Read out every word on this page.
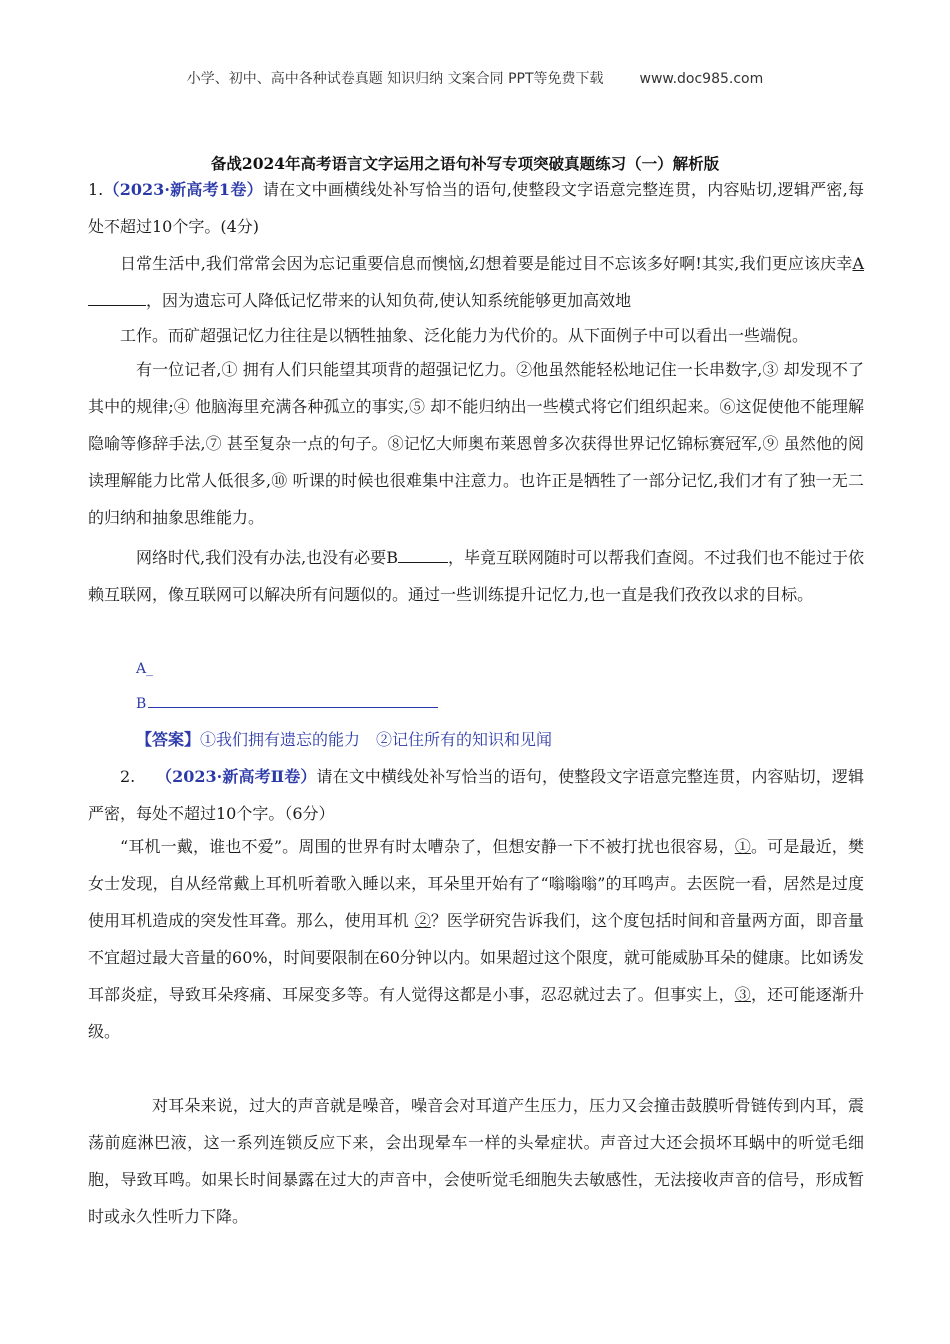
小学、初中、高中各种试卷真题 知识归纳 文案合同 PPT等免费下载	www.doc985.com
备战2024年高考语言文字运用之语句补写专项突破真题练习（一）解析版
1.（2023·新高考1卷）请在文中画横线处补写恰当的语句,使整段文字语意完整连贯，内容贴切,逻辑严密,每处不超过10个字。(4分)
日常生活中,我们常常会因为忘记重要信息而懊恼,幻想着要是能过目不忘该多好啊!其实,我们更应该庆幸A，因为遗忘可人降低记忆带来的认知负荷,使认知系统能够更加高效地
工作。而矿超强记忆力往往是以牺牲抽象、泛化能力为代价的。从下面例子中可以看出一些端倪。
有一位记者,① 拥有人们只能望其项背的超强记忆力。②他虽然能轻松地记住一长串数字,③ 却发现不了其中的规律;④ 他脑海里充满各种孤立的事实,⑤ 却不能归纳出一些模式将它们组织起来。⑥这促使他不能理解隐喻等修辞手法,⑦ 甚至复杂一点的句子。⑧记忆大师奥布莱恩曾多次获得世界记忆锦标赛冠军,⑨ 虽然他的阅读理解能力比常人低很多,⑩ 听课的时候也很难集中注意力。也许正是牺牲了一部分记忆,我们才有了独一无二的归纳和抽象思维能力。
网络时代,我们没有办法,也没有必要B	，毕竟互联网随时可以帮我们查阅。不过我们也不能过于依赖互联网，像互联网可以解决所有问题似的。通过一些训练提升记忆力,也一直是我们孜孜以求的目标。
A_
B
【答案】①我们拥有遗忘的能力　②记住所有的知识和见闻
2. （2023·新高考Ⅱ卷）请在文中横线处补写恰当的语句，使整段文字语意完整连贯，内容贴切，逻辑严密，每处不超过10个字。（6分）
“耳机一戴，谁也不爱”。周围的世界有时太嘈杂了，但想安静一下不被打扰也很容易，①。可是最近，樊女士发现，自从经常戴上耳机听着歌入睡以来，耳朵里开始有了“嗡嗡嗡”的耳鸣声。去医院一看，居然是过度使用耳机造成的突发性耳聋。那么，使用耳机 ②？医学研究告诉我们，这个度包括时间和音量两方面，即音量不宜超过最大音量的60%，时间要限制在60分钟以内。如果超过这个限度，就可能威胁耳朵的健康。比如诱发耳部炎症，导致耳朵疼痛、耳屎变多等。有人觉得这都是小事，忍忍就过去了。但事实上，③，还可能逐渐升级。
对耳朵来说，过大的声音就是噪音，噪音会对耳道产生压力，压力又会撞击鼓膜听骨链传到内耳，震荡前庭淋巴液，这一系列连锁反应下来，会出现晕车一样的头晕症状。声音过大还会损坏耳蜗中的听觉毛细胞，导致耳鸣。如果长时间暴露在过大的声音中，会使听觉毛细胞失去敏感性，无法接收声音的信号，形成暂时或永久性听力下降。
